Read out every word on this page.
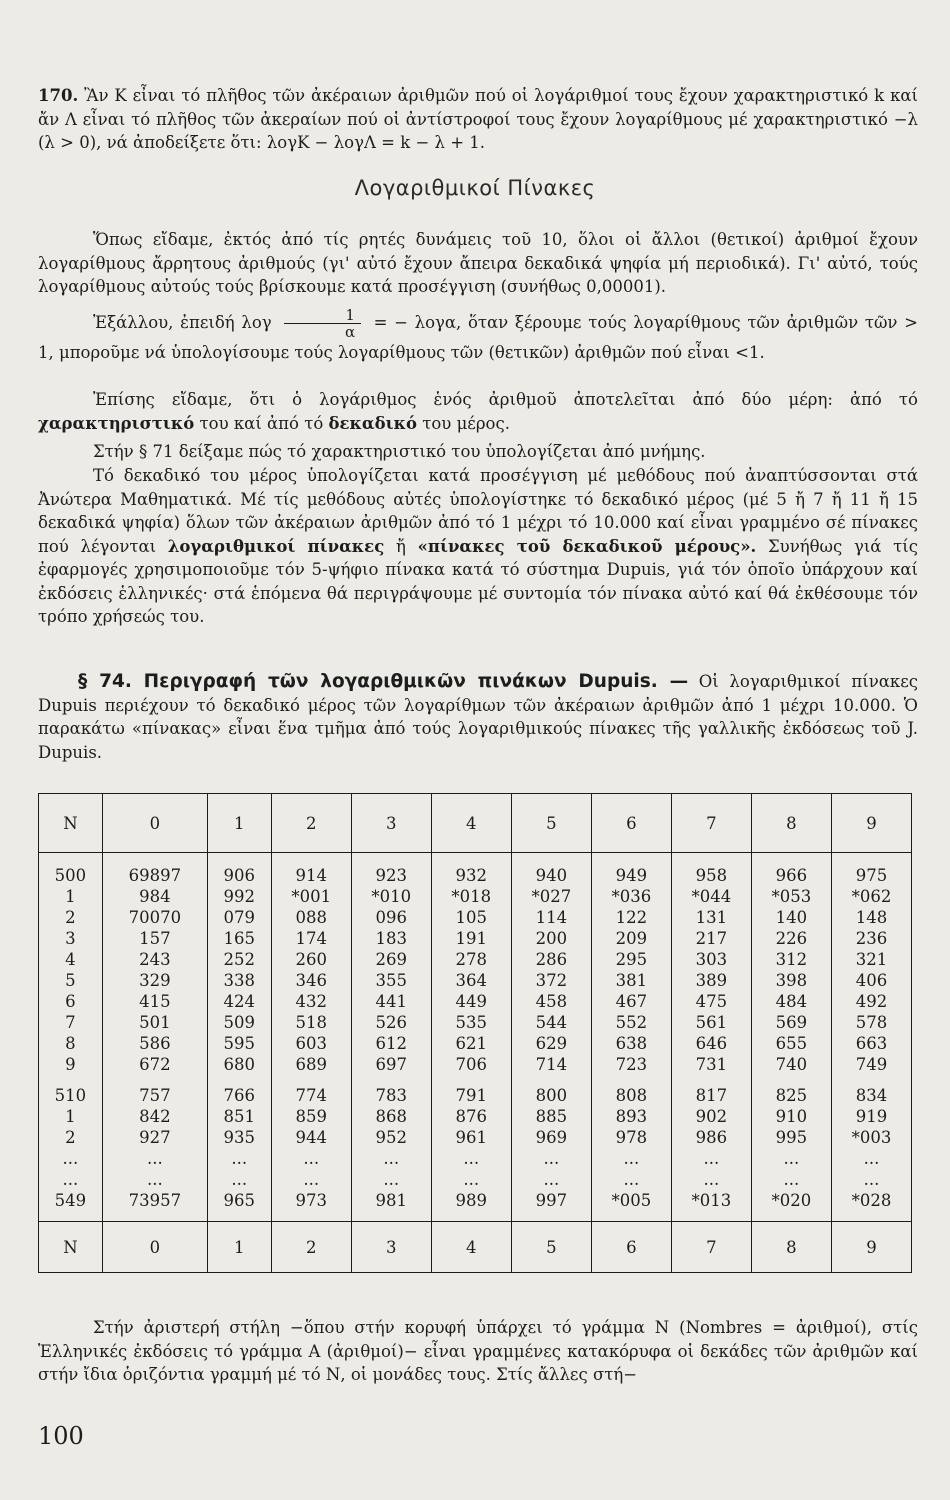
170. Ἂν Κ εἶναι τό πλῆθος τῶν ἀκέραιων ἀριθμῶν πού οἱ λογάριθμοί τους ἔχουν χαρακτηριστικό k καί ἄν Λ εἶναι τό πλῆθος τῶν ἀκεραίων πού οἱ ἀντίστροφοί τους ἔχουν λογαρίθμους μέ χαρακτηριστικό −λ (λ > 0), νά ἀποδείξετε ὅτι: λογΚ − λογΛ = k − λ + 1.

Λογαριθμικοί Πίνακες

Ὅπως εἴδαμε, ἐκτός ἀπό τίς ρητές δυνάμεις τοῦ 10, ὅλοι οἱ ἄλλοι (θετικοί) ἀριθμοί ἔχουν λογαρίθμους ἄρρητους ἀριθμούς (γι' αὐτό ἔχουν ἄπειρα δεκαδικά ψηφία μή περιοδικά). Γι' αὐτό, τούς λογαρίθμους αὐτούς τούς βρίσκουμε κατά προσέγγιση (συνήθως 0,00001).

Ἐξάλλου, ἐπειδή λογ $\frac{1}{\alpha}$ = − λογα, ὅταν ξέρουμε τούς λογαρίθμους τῶν ἀριθμῶν τῶν > 1, μποροῦμε νά ὑπολογίσουμε τούς λογαρίθμους τῶν (θετικῶν) ἀριθμῶν πού εἶναι <1.

Ἐπίσης εἴδαμε, ὅτι ὁ λογάριθμος ἑνός ἀριθμοῦ ἀποτελεῖται ἀπό δύο μέρη: ἀπό τό χαρακτηριστικό του καί ἀπό τό δεκαδικό του μέρος.

Στήν § 71 δείξαμε πώς τό χαρακτηριστικό του ὑπολογίζεται ἀπό μνήμης.

Τό δεκαδικό του μέρος ὑπολογίζεται κατά προσέγγιση μέ μεθόδους πού ἀναπτύσσονται στά Ἀνώτερα Μαθηματικά. Μέ τίς μεθόδους αὐτές ὑπολογίστηκε τό δεκαδικό μέρος (μέ 5 ἤ 7 ἤ 11 ἤ 15 δεκαδικά ψηφία) ὅλων τῶν ἀκέραιων ἀριθμῶν ἀπό τό 1 μέχρι τό 10.000 καί εἶναι γραμμένο σέ πίνακες πού λέγονται λογαριθμικοί πίνακες ἤ «πίνακες τοῦ δεκαδικοῦ μέρους». Συνήθως γιά τίς ἐφαρμογές χρησιμοποιοῦμε τόν 5-ψήφιο πίνακα κατά τό σύστημα Dupuis, γιά τόν ὁποῖο ὑπάρχουν καί ἐκδόσεις ἑλληνικές· στά ἑπόμενα θά περιγράψουμε μέ συντομία τόν πίνακα αὐτό καί θά ἐκθέσουμε τόν τρόπο χρήσεώς του.

§ 74. Περιγραφή τῶν λογαριθμικῶν πινάκων Dupuis. — Οἱ λογαριθμικοί πίνακες Dupuis περιέχουν τό δεκαδικό μέρος τῶν λογαρίθμων τῶν ἀκέραιων ἀριθμῶν ἀπό 1 μέχρι 10.000. Ὁ παρακάτω «πίνακας» εἶναι ἕνα τμῆμα ἀπό τούς λογαριθμικούς πίνακες τῆς γαλλικῆς ἐκδόσεως τοῦ J. Dupuis.

N	0	1	2	3	4	5	6	7	8	9

500	69897	906	914	923	932	940	949	958	966	975
1	984	992	*001	*010	*018	*027	*036	*044	*053	*062
2	70070	079	088	096	105	114	122	131	140	148
3	157	165	174	183	191	200	209	217	226	236
4	243	252	260	269	278	286	295	303	312	321
5	329	338	346	355	364	372	381	389	398	406
6	415	424	432	441	449	458	467	475	484	492
7	501	509	518	526	535	544	552	561	569	578
8	586	595	603	612	621	629	638	646	655	663
9	672	680	689	697	706	714	723	731	740	749

510	757	766	774	783	791	800	808	817	825	834
1	842	851	859	868	876	885	893	902	910	919
2	927	935	944	952	961	969	978	986	995	*003
...	...	...	...	...	...	...	...	...	...	...
...	...	...	...	...	...	...	...	...	...	...
549	73957	965	973	981	989	997	*005	*013	*020	*028

N	0	1	2	3	4	5	6	7	8	9

Στήν ἀριστερή στήλη −ὅπου στήν κορυφή ὑπάρχει τό γράμμα Ν (Nombres = ἀριθμοί), στίς Ἑλληνικές ἐκδόσεις τό γράμμα Α (ἀριθμοί)− εἶναι γραμμένες κατακόρυφα οἱ δεκάδες τῶν ἀριθμῶν καί στήν ἴδια ὁριζόντια γραμμή μέ τό Ν, οἱ μονάδες τους. Στίς ἄλλες στή−

100
